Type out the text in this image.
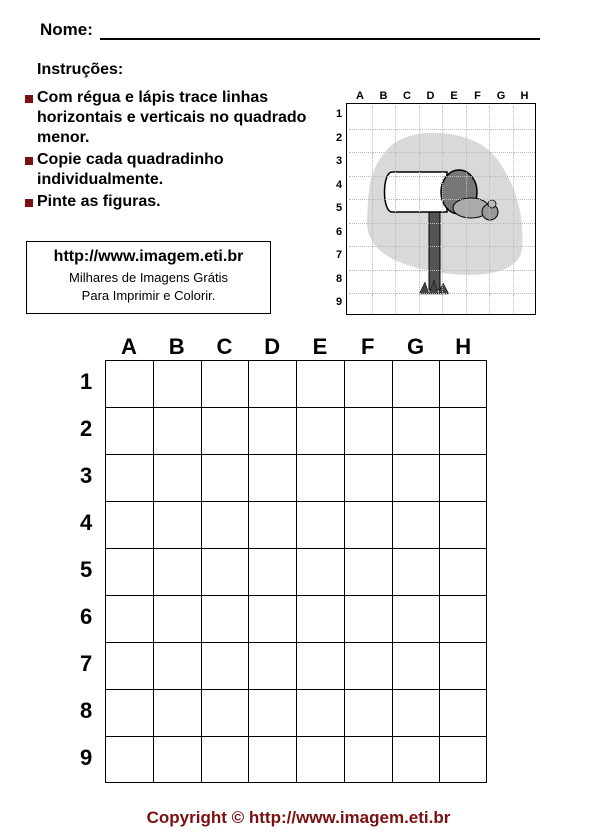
Nome:
Instruções:
Com régua e lápis trace linhas horizontais e verticais no quadrado menor.
Copie cada quadradinho individualmente.
Pinte as figuras.
http://www.imagem.eti.br
Milhares de Imagens Grátis
Para Imprimir e Colorir.
A	B	C	D	E	F	G	H
1
2
3
4
5
6
7
8
9
A	B	C	D	E	F	G	H
1
2
3
4
5
6
7
8
9
Copyright © http://www.imagem.eti.br
